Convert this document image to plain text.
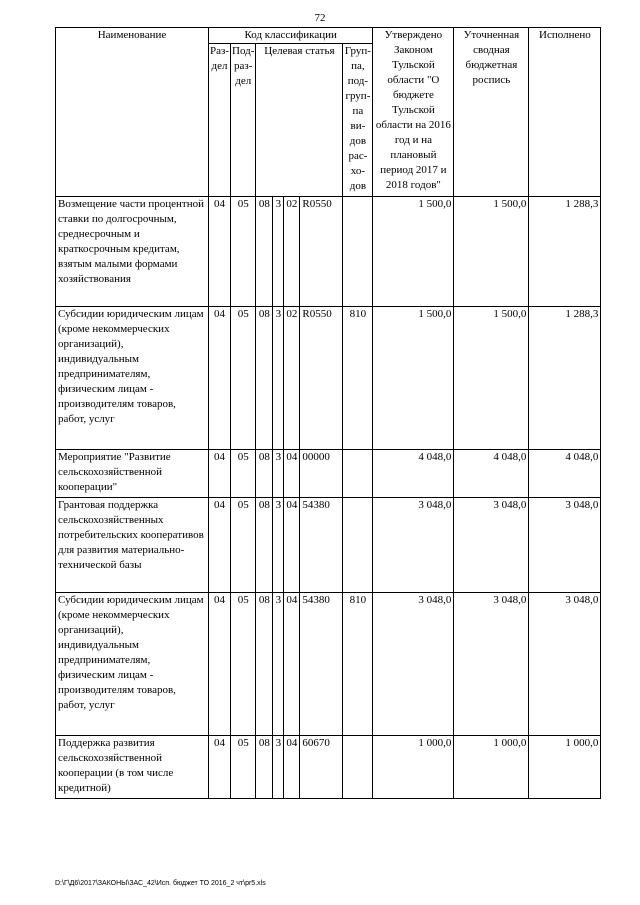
72
Наименование	Код классификации							Утверждено Законом Тульской области "О бюджете Тульской области на 2016 год и на плановый период 2017 и 2018 годов"	Уточненная сводная бюджетная роспись	Исполнено
	Раз-дел	Под-раз-дел	Целевая статья				Груп-па, под-груп-па ви-дов рас-хо-дов			
Возмещение части процентной ставки по долгосрочным, среднесрочным и краткосрочным кредитам, взятым малыми формами хозяйствования	04	05	08	3	02	R0550		1 500,0	1 500,0	1 288,3
Субсидии юридическим лицам (кроме некоммерческих организаций), индивидуальным предпринимателям, физическим лицам - производителям товаров, работ, услуг	04	05	08	3	02	R0550	810	1 500,0	1 500,0	1 288,3
Мероприятие "Развитие сельскохозяйственной кооперации"	04	05	08	3	04	00000		4 048,0	4 048,0	4 048,0
Грантовая поддержка сельскохозяйственных потребительских кооперативов для развития материально-технической базы	04	05	08	3	04	54380		3 048,0	3 048,0	3 048,0
Субсидии юридическим лицам (кроме некоммерческих организаций), индивидуальным предпринимателям, физическим лицам - производителям товаров, работ, услуг	04	05	08	3	04	54380	810	3 048,0	3 048,0	3 048,0
Поддержка развития сельскохозяйственной кооперации (в том числе кредитной)	04	05	08	3	04	60670		1 000,0	1 000,0	1 000,0
D:\Г\Д6\2017\ЗАКОНЫ\ЗАС_42\Исп. бюджет ТО 2016_2 чт\pr5.xls
